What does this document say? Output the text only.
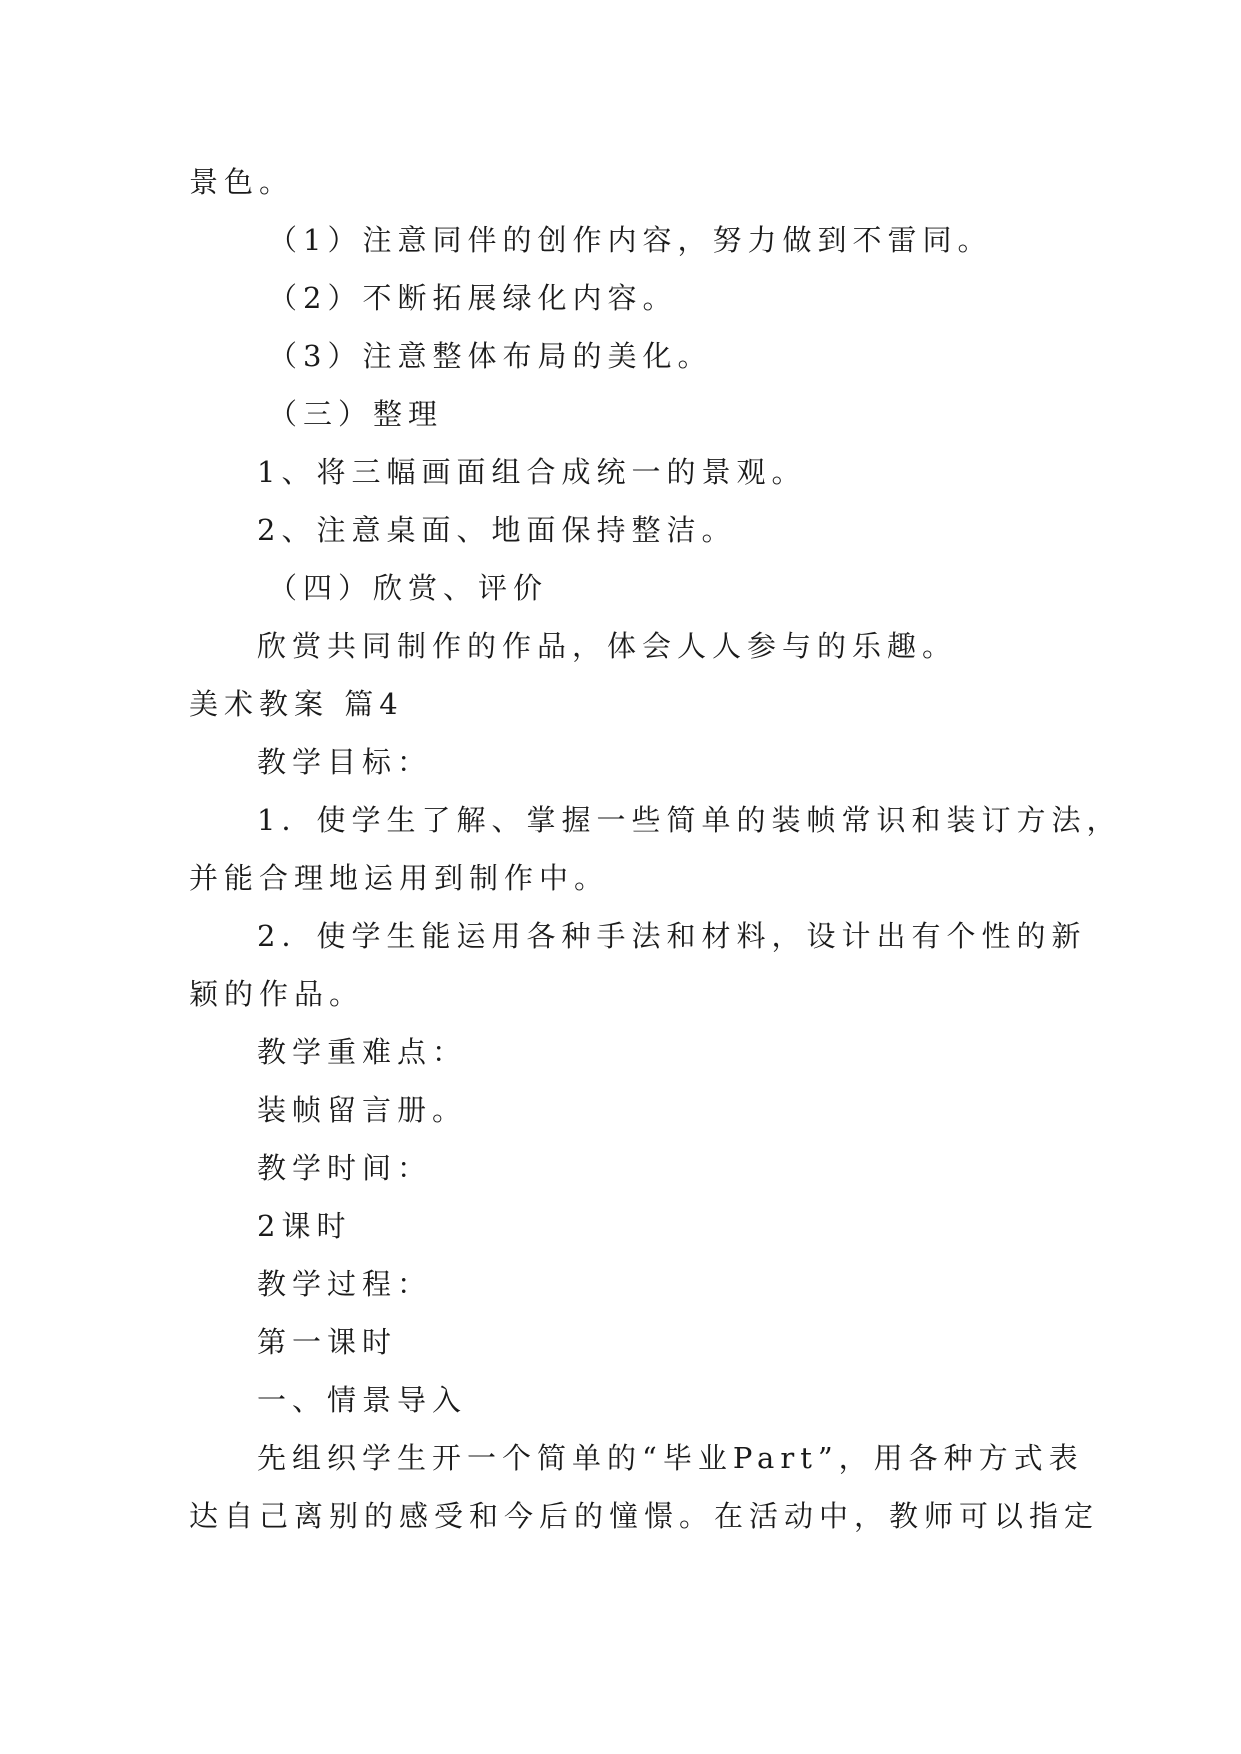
景色。
（1）注意同伴的创作内容，努力做到不雷同。
（2）不断拓展绿化内容。
（3）注意整体布局的美化。
（三）整理
1、将三幅画面组合成统一的景观。
2、注意桌面、地面保持整洁。
（四）欣赏、评价
欣赏共同制作的作品，体会人人参与的乐趣。
美术教案 篇4
教学目标：
1．使学生了解、掌握一些简单的装帧常识和装订方法，
并能合理地运用到制作中。
2．使学生能运用各种手法和材料，设计出有个性的新
颖的作品。
教学重难点：
装帧留言册。
教学时间：
2课时
教学过程：
第一课时
一、情景导入
先组织学生开一个简单的“毕业Part”，用各种方式表
达自己离别的感受和今后的憧憬。在活动中，教师可以指定
